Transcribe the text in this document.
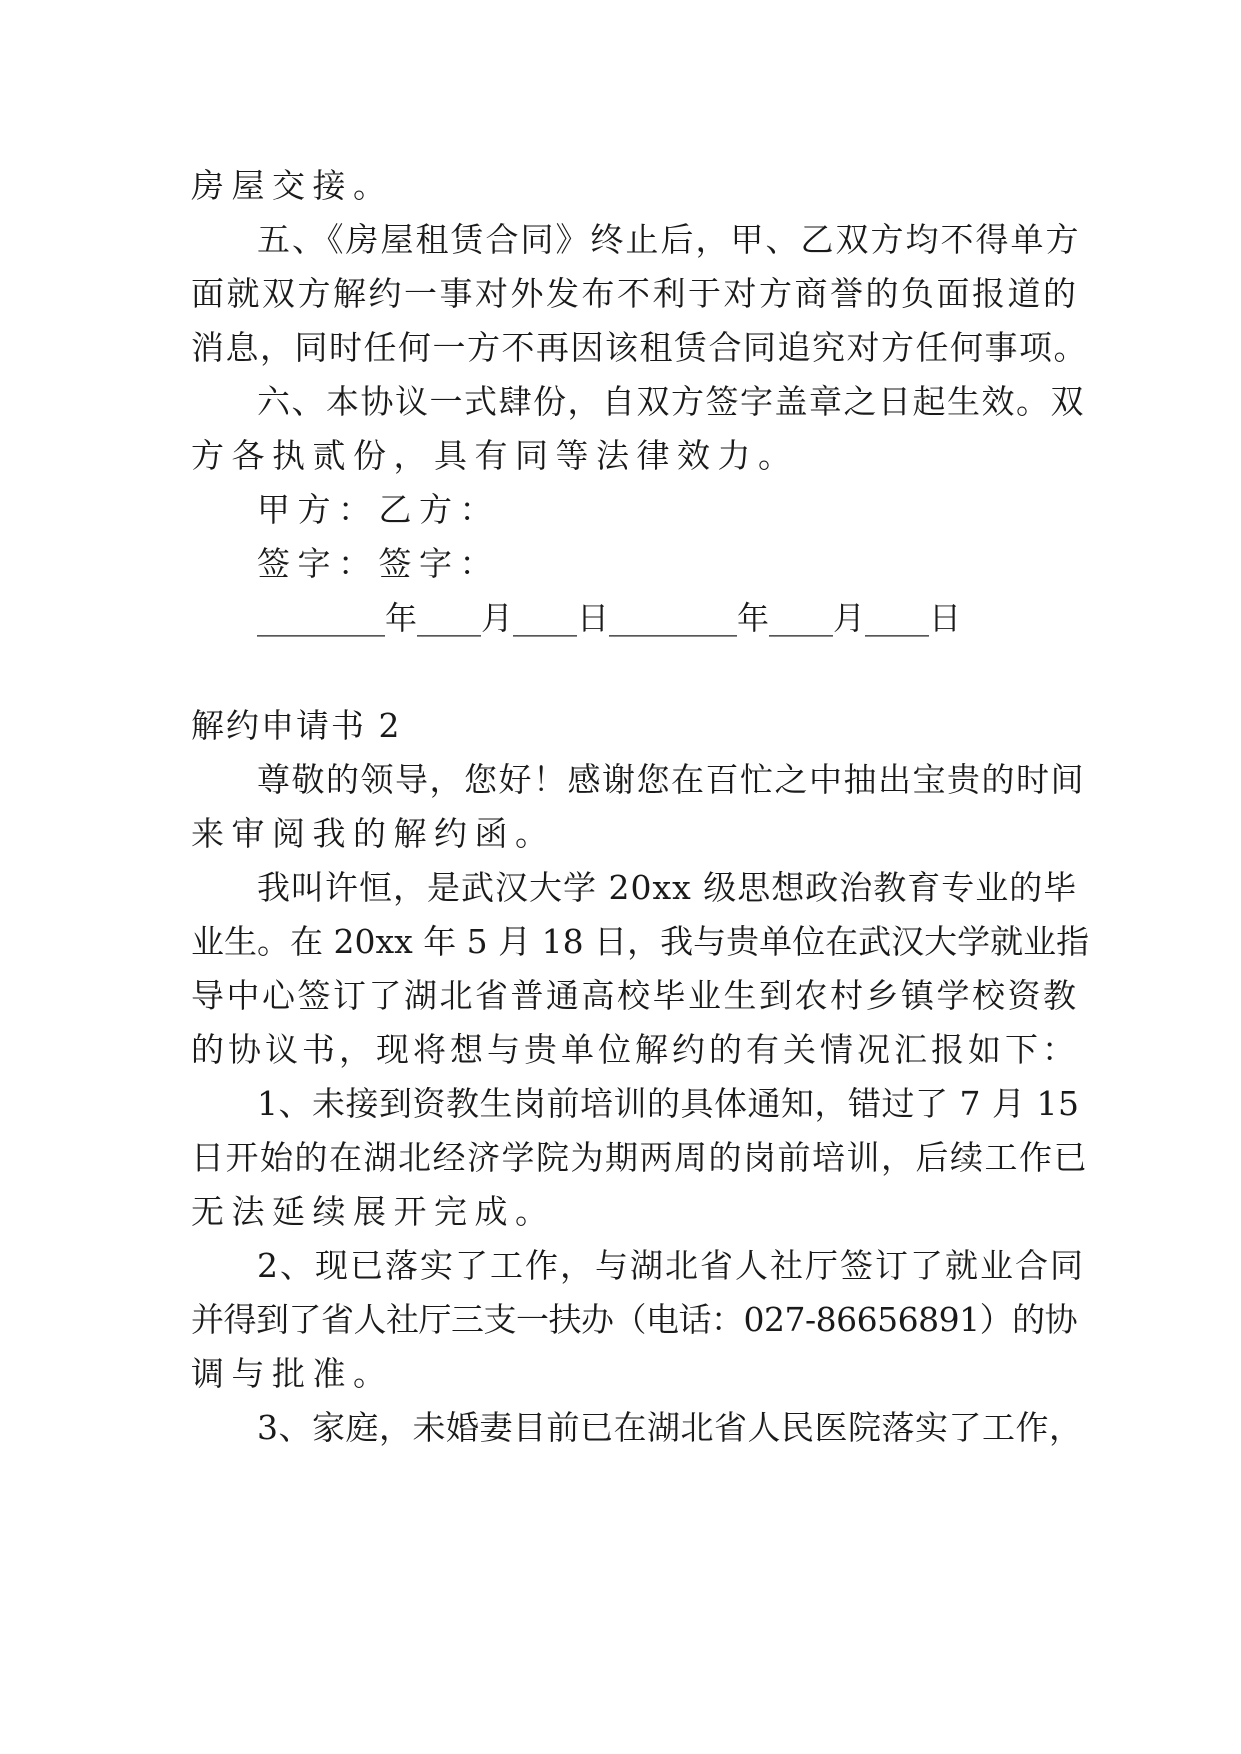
房屋交接。
五、《房屋租赁合同》终止后，甲、乙双方均不得单方
面就双方解约一事对外发布不利于对方商誉的负面报道的
消息，同时任何一方不再因该租赁合同追究对方任何事项。
六、本协议一式肆份，自双方签字盖章之日起生效。双
方各执贰份，具有同等法律效力。
甲方：乙方：
签字：签字：
________年____月____日________年____月____日
解约申请书 2
尊敬的领导，您好！感谢您在百忙之中抽出宝贵的时间
来审阅我的解约函。
我叫许恒，是武汉大学 20xx 级思想政治教育专业的毕
业生。在 20xx 年 5 月 18 日，我与贵单位在武汉大学就业指
导中心签订了湖北省普通高校毕业生到农村乡镇学校资教
的协议书，现将想与贵单位解约的有关情况汇报如下：
1、未接到资教生岗前培训的具体通知，错过了 7 月 15
日开始的在湖北经济学院为期两周的岗前培训，后续工作已
无法延续展开完成。
2、现已落实了工作，与湖北省人社厅签订了就业合同
并得到了省人社厅三支一扶办（电话：027-86656891）的协
调与批准。
3、家庭，未婚妻目前已在湖北省人民医院落实了工作，
